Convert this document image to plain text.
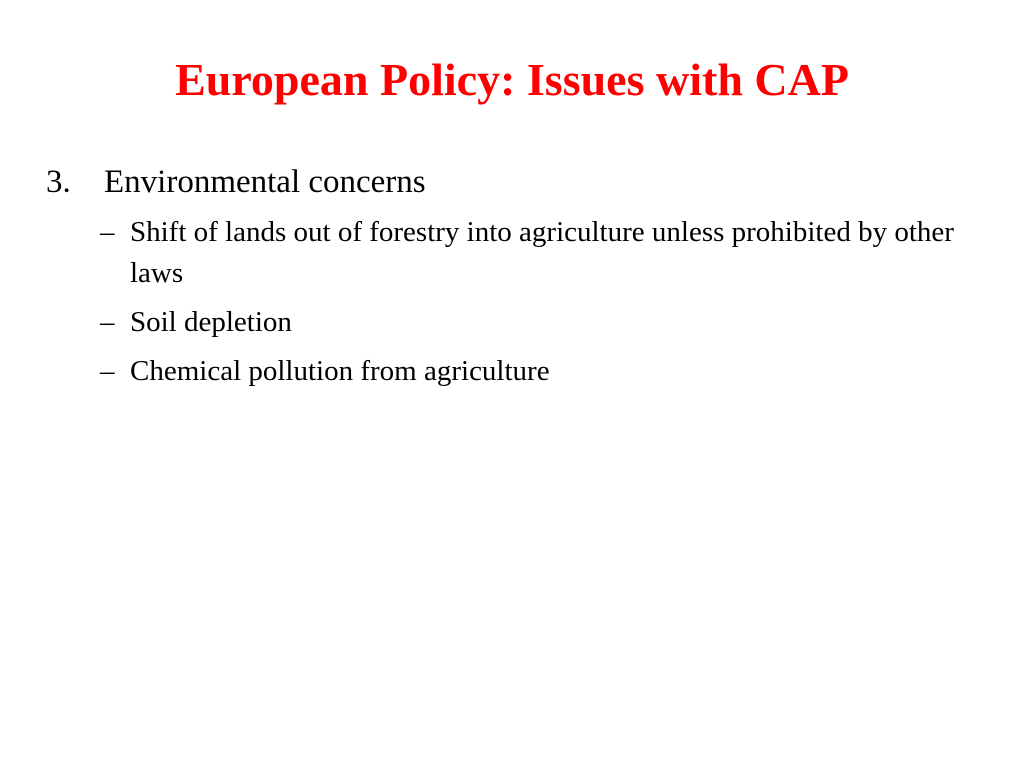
European Policy: Issues with CAP
3. Environmental concerns
– Shift of lands out of forestry into agriculture unless prohibited by other laws
– Soil depletion
– Chemical pollution from agriculture
